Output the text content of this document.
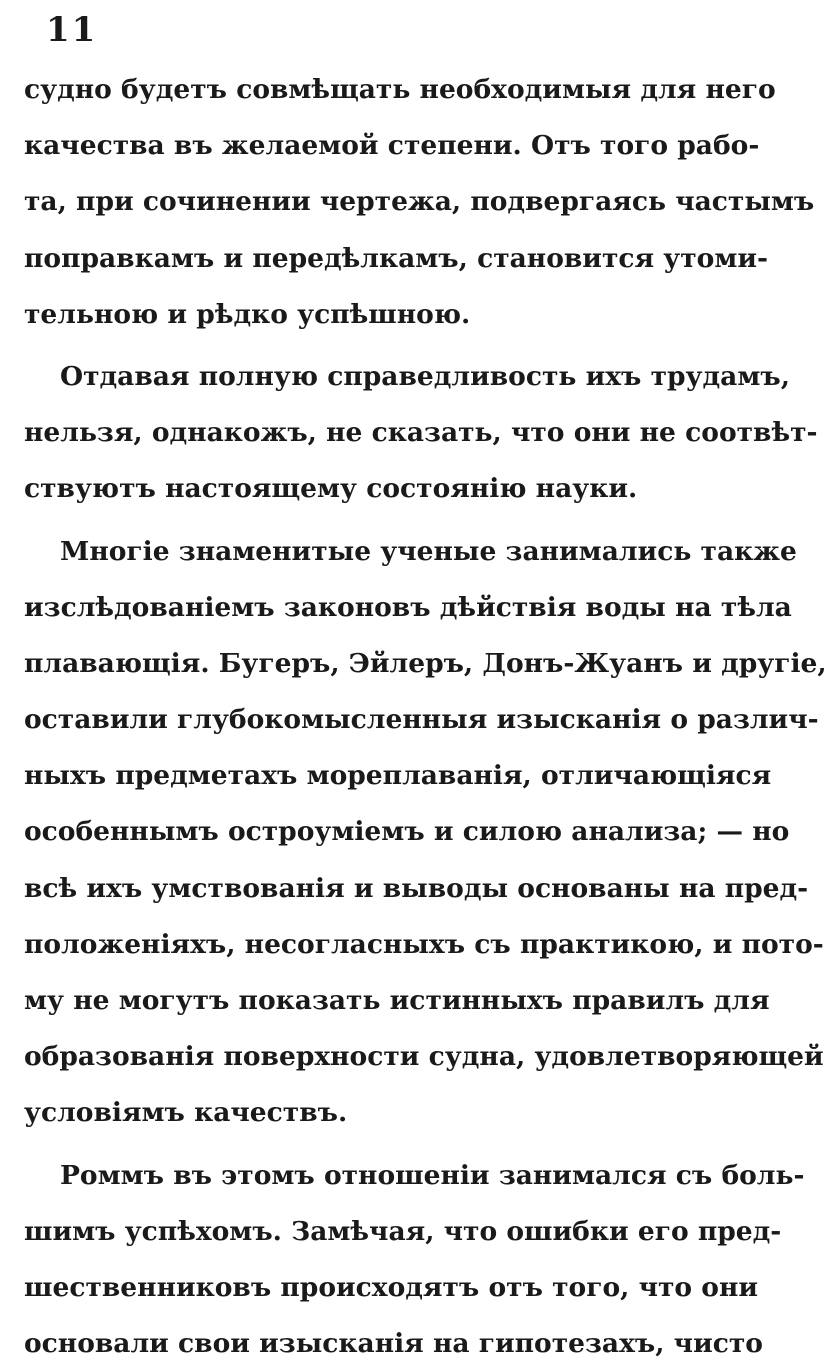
11
судно будетъ совмѣщать необходимыя для него
качества въ желаемой степени. Отъ того рабо-
та, при сочинении чертежа, подвергаясь частымъ
поправкамъ и передѣлкамъ, становится утоми-
тельною и рѣдко успѣшною.
Отдавая полную справедливость ихъ трудамъ,
нельзя, однакожъ, не сказать, что они не соотвѣт-
ствуютъ настоящему состоянію науки.
Многіе знаменитые ученые занимались также
изслѣдованіемъ законовъ дѣйствія воды на тѣла
плавающія. Бугеръ, Эйлеръ, Донъ-Жуанъ и другіе,
оставили глубокомысленныя изысканія о различ-
ныхъ предметахъ мореплаванія, отличающіяся
особеннымъ остроуміемъ и силою анализа; — но
всѣ ихъ умствованія и выводы основаны на пред-
положеніяхъ, несогласныхъ съ практикою, и пото-
му не могутъ показать истинныхъ правилъ для
образованія поверхности судна, удовлетворяющей
условіямъ качествъ.
Роммъ въ этомъ отношеніи занимался съ боль-
шимъ успѣхомъ. Замѣчая, что ошибки его пред-
шественниковъ происходятъ отъ того, что они
основали свои изысканія на гипотезахъ, чисто
